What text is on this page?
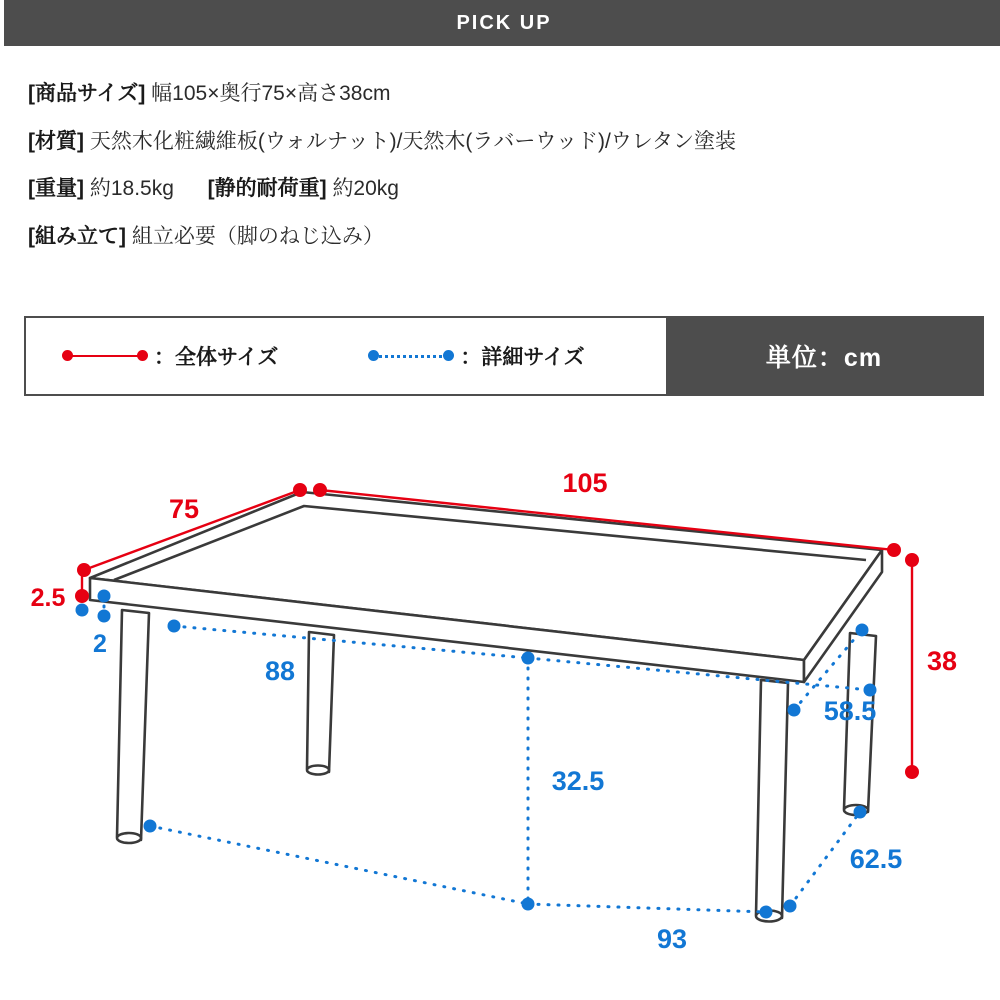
PICK UP
[商品サイズ] 幅105×奥行75×高さ38cm
[材質] 天然木化粧繊維板(ウォルナット)/天然木(ラバーウッド)/ウレタン塗装
[重量] 約18.5kg [静的耐荷重] 約20kg
[組み立て] 組立必要（脚のねじ込み）
：全体サイズ	：詳細サイズ	単位：cm
105
75
38
2.5
2
88
58.5
32.5
62.5
93
